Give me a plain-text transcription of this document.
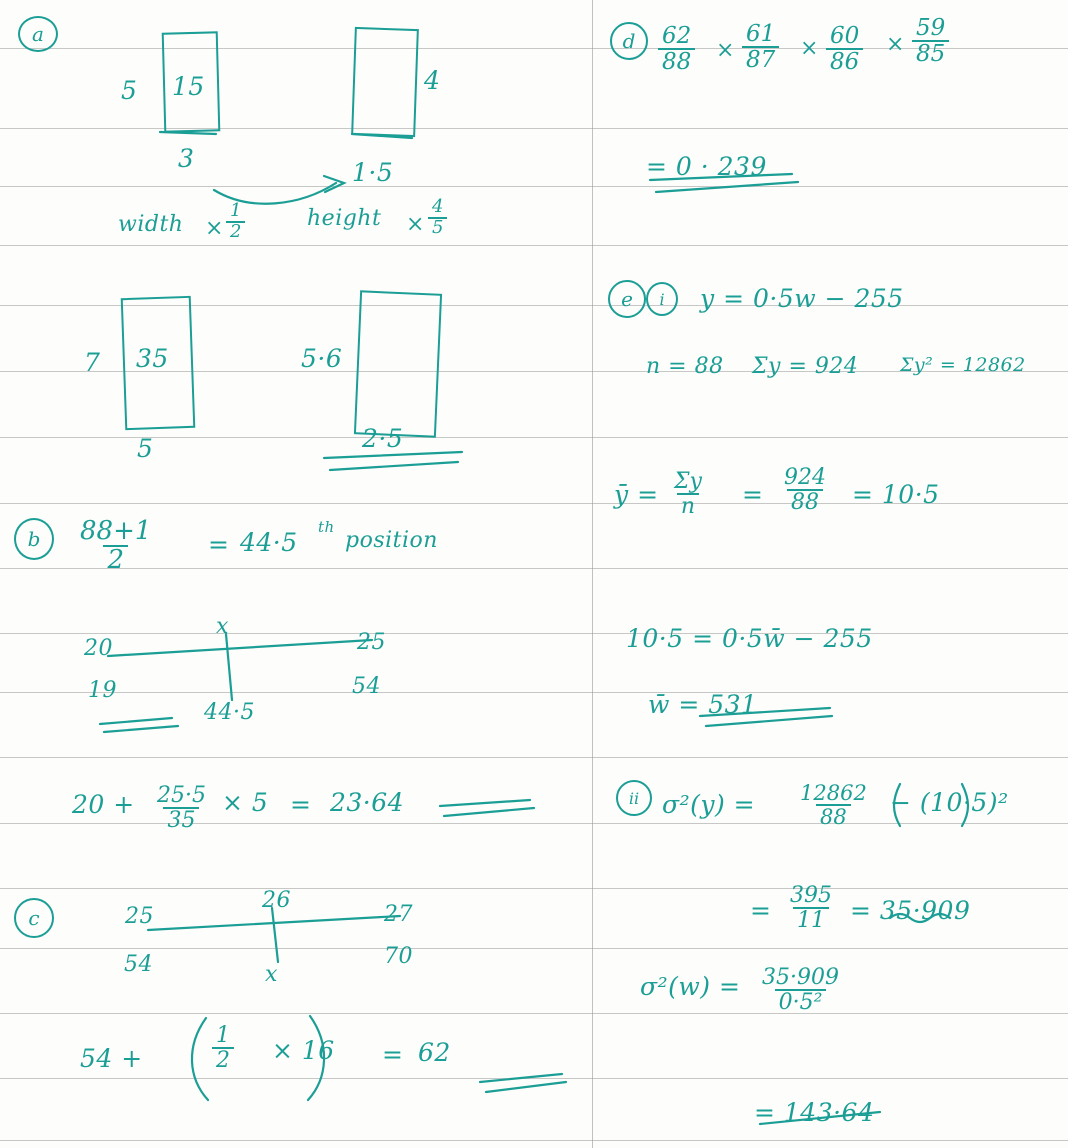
a
5 15
3
4
1·5
width × $\frac{1}{2}$	height × $\frac{4}{5}$
7 35
5
5·6
2·5
b	$\frac{88+1}{2} = 44\cdot 5$
th
position
20
x
25
19
44·5
54
$20 + \frac{25\cdot 5}{35} \times 5 = 23\cdot 64$
c	25
26
27
54	x
70
54 +	$\frac{1}{2} \times 16 = 62$
d $\frac{62}{88} \times \frac{61}{87} \times \frac{60}{86} \times \frac{59}{85}$
= 0 · 239
e	i	y = 0·5w − 255
n = 88 Σy = 924 Σy² = 12862
ȳ = $\frac{\Sigma y}{n} = \frac{924}{88} = 10\cdot 5$
10·5 = 0·5w̄ − 255
w̄ = 531
ii $\sigma^2(y) = \frac{12862}{88} - (10\cdot 5)^2$
= $\frac{395}{11} = 35\cdot 909$
$\sigma^2(w) = \frac{35\cdot 909}{\text{0·5²}}$
= 143·64
